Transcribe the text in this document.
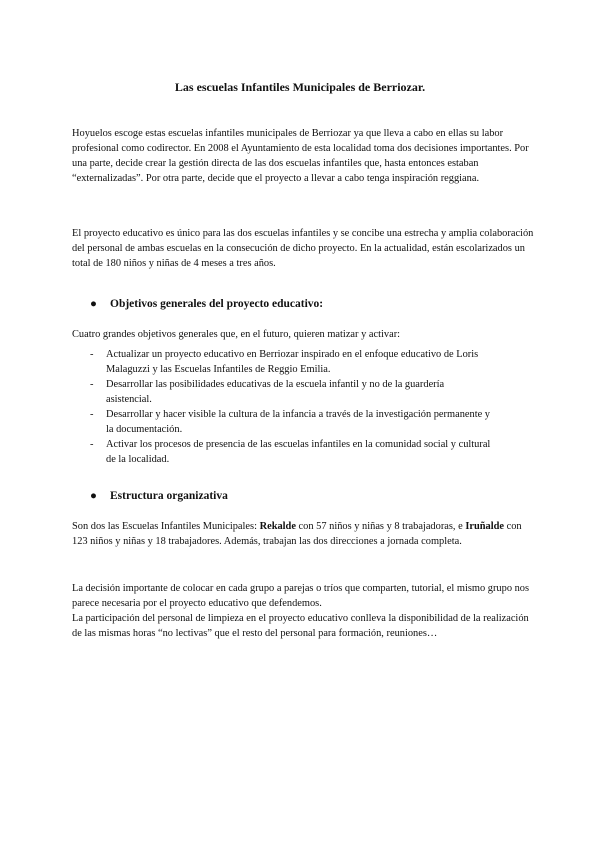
Las escuelas Infantiles Municipales de Berriozar.

Hoyuelos escoge estas escuelas infantiles municipales de Berriozar ya que lleva a cabo en ellas su labor profesional como codirector. En 2008 el Ayuntamiento de esta localidad toma dos decisiones importantes. Por una parte, decide crear la gestión directa de las dos escuelas infantiles que, hasta entonces estaban “externalizadas”. Por otra parte, decide que el proyecto a llevar a cabo tenga inspiración reggiana.

El proyecto educativo es único para las dos escuelas infantiles y se concibe una estrecha y amplia colaboración del personal de ambas escuelas en la consecución de dicho proyecto. En la actualidad, están escolarizados un total de 180 niños y niñas de 4 meses a tres años.

● Objetivos generales del proyecto educativo:

Cuatro grandes objetivos generales que, en el futuro, quieren matizar y activar:

- Actualizar un proyecto educativo en Berriozar inspirado en el enfoque educativo de Loris Malaguzzi y las Escuelas Infantiles de Reggio Emilia.
- Desarrollar las posibilidades educativas de la escuela infantil y no de la guardería asistencial.
- Desarrollar y hacer visible la cultura de la infancia a través de la investigación permanente y la documentación.
- Activar los procesos de presencia de las escuelas infantiles en la comunidad social y cultural de la localidad.
● Estructura organizativa

Son dos las Escuelas Infantiles Municipales: Rekalde con 57 niños y niñas y 8 trabajadoras, e Iruñalde con 123 niños y niñas y 18 trabajadores. Además, trabajan las dos direcciones a jornada completa.

La decisión importante de colocar en cada grupo a parejas o tríos que comparten, tutorial, el mismo grupo nos parece necesaria por el proyecto educativo que defendemos.

La participación del personal de limpieza en el proyecto educativo conlleva la disponibilidad de la realización de las mismas horas “no lectivas” que el resto del personal para formación, reuniones…
